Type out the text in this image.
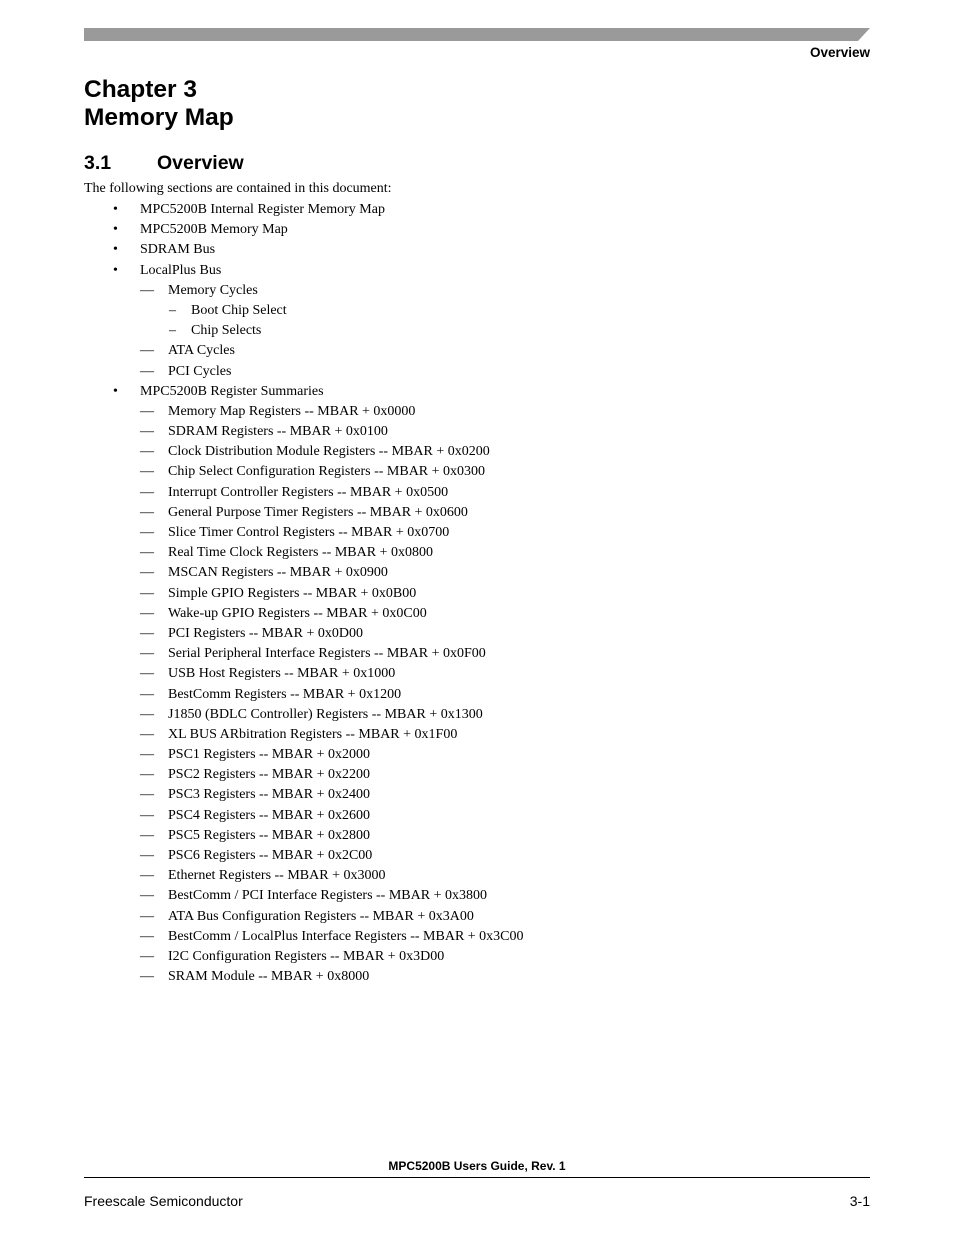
Overview
Chapter 3
Memory Map
3.1 Overview

The following sections are contained in this document:

• MPC5200B Internal Register Memory Map
• MPC5200B Memory Map
• SDRAM Bus
• LocalPlus Bus
— Memory Cycles
– Boot Chip Select
– Chip Selects
— ATA Cycles
— PCI Cycles
• MPC5200B Register Summaries
— Memory Map Registers -- MBAR + 0x0000
— SDRAM Registers -- MBAR + 0x0100
— Clock Distribution Module Registers -- MBAR + 0x0200
— Chip Select Configuration Registers -- MBAR + 0x0300
— Interrupt Controller Registers -- MBAR + 0x0500
— General Purpose Timer Registers -- MBAR + 0x0600
— Slice Timer Control Registers -- MBAR + 0x0700
— Real Time Clock Registers -- MBAR + 0x0800
— MSCAN Registers -- MBAR + 0x0900
— Simple GPIO Registers -- MBAR + 0x0B00
— Wake-up GPIO Registers -- MBAR + 0x0C00
— PCI Registers -- MBAR + 0x0D00
— Serial Peripheral Interface Registers -- MBAR + 0x0F00
— USB Host Registers -- MBAR + 0x1000
— BestComm Registers -- MBAR + 0x1200
— J1850 (BDLC Controller) Registers -- MBAR + 0x1300
— XL BUS ARbitration Registers -- MBAR + 0x1F00
— PSC1 Registers -- MBAR + 0x2000
— PSC2 Registers -- MBAR + 0x2200
— PSC3 Registers -- MBAR + 0x2400
— PSC4 Registers -- MBAR + 0x2600
— PSC5 Registers -- MBAR + 0x2800
— PSC6 Registers -- MBAR + 0x2C00
— Ethernet Registers -- MBAR + 0x3000
— BestComm / PCI Interface Registers -- MBAR + 0x3800
— ATA Bus Configuration Registers -- MBAR + 0x3A00
— BestComm / LocalPlus Interface Registers -- MBAR + 0x3C00
— I2C Configuration Registers -- MBAR + 0x3D00
— SRAM Module -- MBAR + 0x8000
MPC5200B Users Guide, Rev. 1
Freescale Semiconductor	3-1
